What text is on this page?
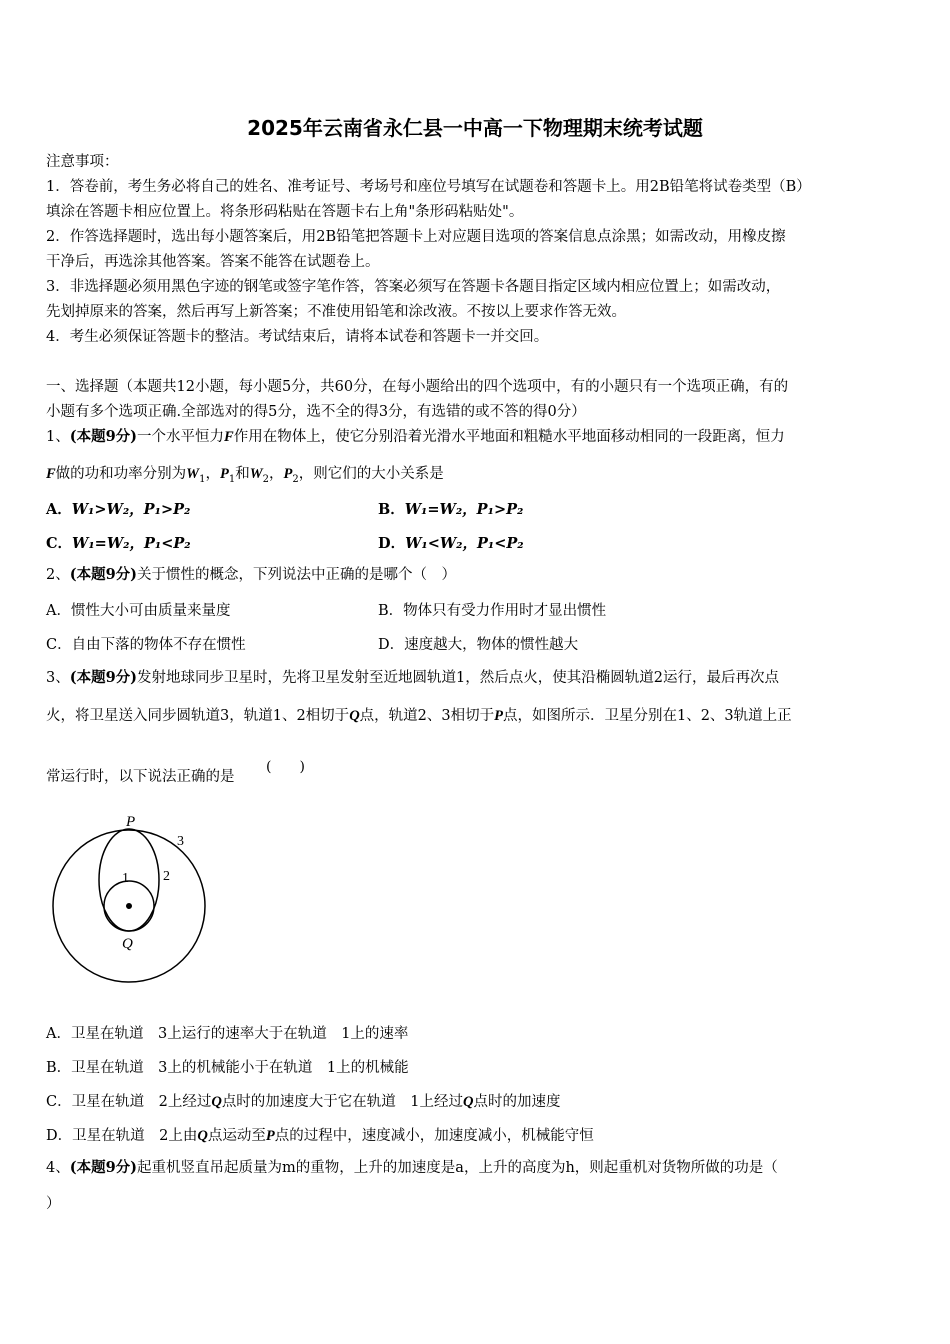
2025年云南省永仁县一中高一下物理期末统考试题
注意事项：
1．答卷前，考生务必将自己的姓名、准考证号、考场号和座位号填写在试题卷和答题卡上。用2B铅笔将试卷类型（B）
填涂在答题卡相应位置上。将条形码粘贴在答题卡右上角"条形码粘贴处"。
2．作答选择题时，选出每小题答案后，用2B铅笔把答题卡上对应题目选项的答案信息点涂黑；如需改动，用橡皮擦
干净后，再选涂其他答案。答案不能答在试题卷上。
3．非选择题必须用黑色字迹的钢笔或签字笔作答，答案必须写在答题卡各题目指定区域内相应位置上；如需改动，
先划掉原来的答案，然后再写上新答案；不准使用铅笔和涂改液。不按以上要求作答无效。
4．考生必须保证答题卡的整洁。考试结束后，请将本试卷和答题卡一并交回。
一、选择题（本题共12小题，每小题5分，共60分，在每小题给出的四个选项中，有的小题只有一个选项正确，有的
小题有多个选项正确.全部选对的得5分，选不全的得3分，有选错的或不答的得0分）
1、(本题9分)一个水平恒力F作用在物体上，使它分别沿着光滑水平地面和粗糙水平地面移动相同的一段距离，恒力
F做的功和功率分别为$W_1$，$P_1$和$W_2$，$P_2$，则它们的大小关系是
A．W₁>W₂，P₁>P₂	B．W₁=W₂，P₁>P₂
C．W₁=W₂，P₁<P₂	D．W₁<W₂，P₁<P₂
2、(本题9分)关于惯性的概念，下列说法中正确的是哪个（　）
A．惯性大小可由质量来量度	B．物体只有受力作用时才显出惯性
C．自由下落的物体不存在惯性	D．速度越大，物体的惯性越大
3、(本题9分)发射地球同步卫星时，先将卫星发射至近地圆轨道1，然后点火，使其沿椭圆轨道2运行，最后再次点
火，将卫星送入同步圆轨道3，轨道1、2相切于Q点，轨道2、3相切于P点，如图所示．卫星分别在1、2、3轨道上正
常运行时，以下说法正确的是
(　　)
P
Q
1 2
3
A．卫星在轨道　3上运行的速率大于在轨道　1上的速率
B．卫星在轨道　3上的机械能小于在轨道　1上的机械能
C．卫星在轨道　2上经过Q点时的加速度大于它在轨道　1上经过Q点时的加速度
D．卫星在轨道　2上由Q点运动至P点的过程中，速度减小，加速度减小，机械能守恒
4、(本题9分)起重机竖直吊起质量为m的重物，上升的加速度是a，上升的高度为h，则起重机对货物所做的功是（
）
